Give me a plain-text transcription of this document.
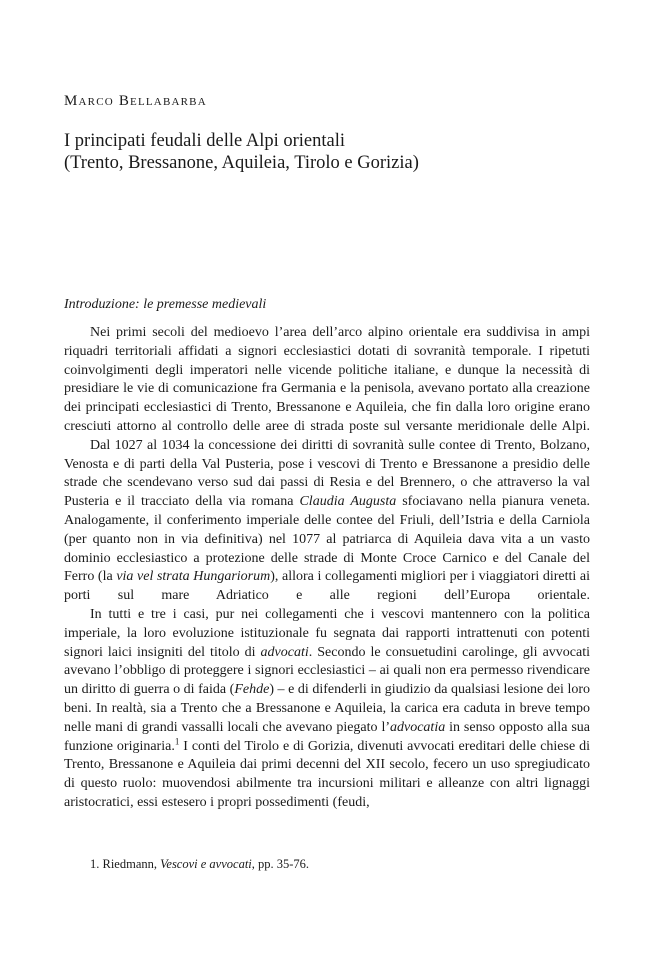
Marco Bellabarba
I principati feudali delle Alpi orientali
(Trento, Bressanone, Aquileia, Tirolo e Gorizia)
Introduzione: le premesse medievali

Nei primi secoli del medioevo l’area dell’arco alpino orientale era suddivisa in ampi riquadri territoriali affidati a signori ecclesiastici dotati di sovranità temporale. I ripetuti coinvolgimenti degli imperatori nelle vicende politiche italiane, e dunque la necessità di presidiare le vie di comunicazione fra Germania e la penisola, avevano portato alla creazione dei principati ecclesiastici di Trento, Bressanone e Aquileia, che fin dalla loro origine erano cresciuti attorno al controllo delle aree di strada poste sul versante meridionale delle Alpi.

Dal 1027 al 1034 la concessione dei diritti di sovranità sulle contee di Trento, Bolzano, Venosta e di parti della Val Pusteria, pose i vescovi di Trento e Bressanone a presidio delle strade che scendevano verso sud dai passi di Resia e del Brennero, o che attraverso la val Pusteria e il tracciato della via romana Claudia Augusta sfociavano nella pianura veneta. Analogamente, il conferimento imperiale delle contee del Friuli, dell’Istria e della Carniola (per quanto non in via definitiva) nel 1077 al patriarca di Aquileia dava vita a un vasto dominio ecclesiastico a protezione delle strade di Monte Croce Carnico e del Canale del Ferro (la via vel strata Hungariorum), allora i collegamenti migliori per i viaggiatori diretti ai porti sul mare Adriatico e alle regioni dell’Europa orientale.

In tutti e tre i casi, pur nei collegamenti che i vescovi mantennero con la politica imperiale, la loro evoluzione istituzionale fu segnata dai rapporti intrattenuti con potenti signori laici insigniti del titolo di advocati. Secondo le consuetudini carolinge, gli avvocati avevano l’obbligo di proteggere i signori ecclesiastici – ai quali non era permesso rivendicare un diritto di guerra o di faida (Fehde) – e di difenderli in giudizio da qualsiasi lesione dei loro beni. In realtà, sia a Trento che a Bressanone e Aquileia, la carica era caduta in breve tempo nelle mani di grandi vassalli locali che avevano piegato l’advocatia in senso opposto alla sua funzione originaria.$^1$ I conti del Tirolo e di Gorizia, divenuti avvocati ereditari delle chiese di Trento, Bressanone e Aquileia dai primi decenni del XII secolo, fecero un uso spregiudicato di questo ruolo: muovendosi abilmente tra incursioni militari e alleanze con altri lignaggi aristocratici, essi estesero i propri possedimenti (feudi,

1. Riedmann, Vescovi e avvocati, pp. 35-76.
